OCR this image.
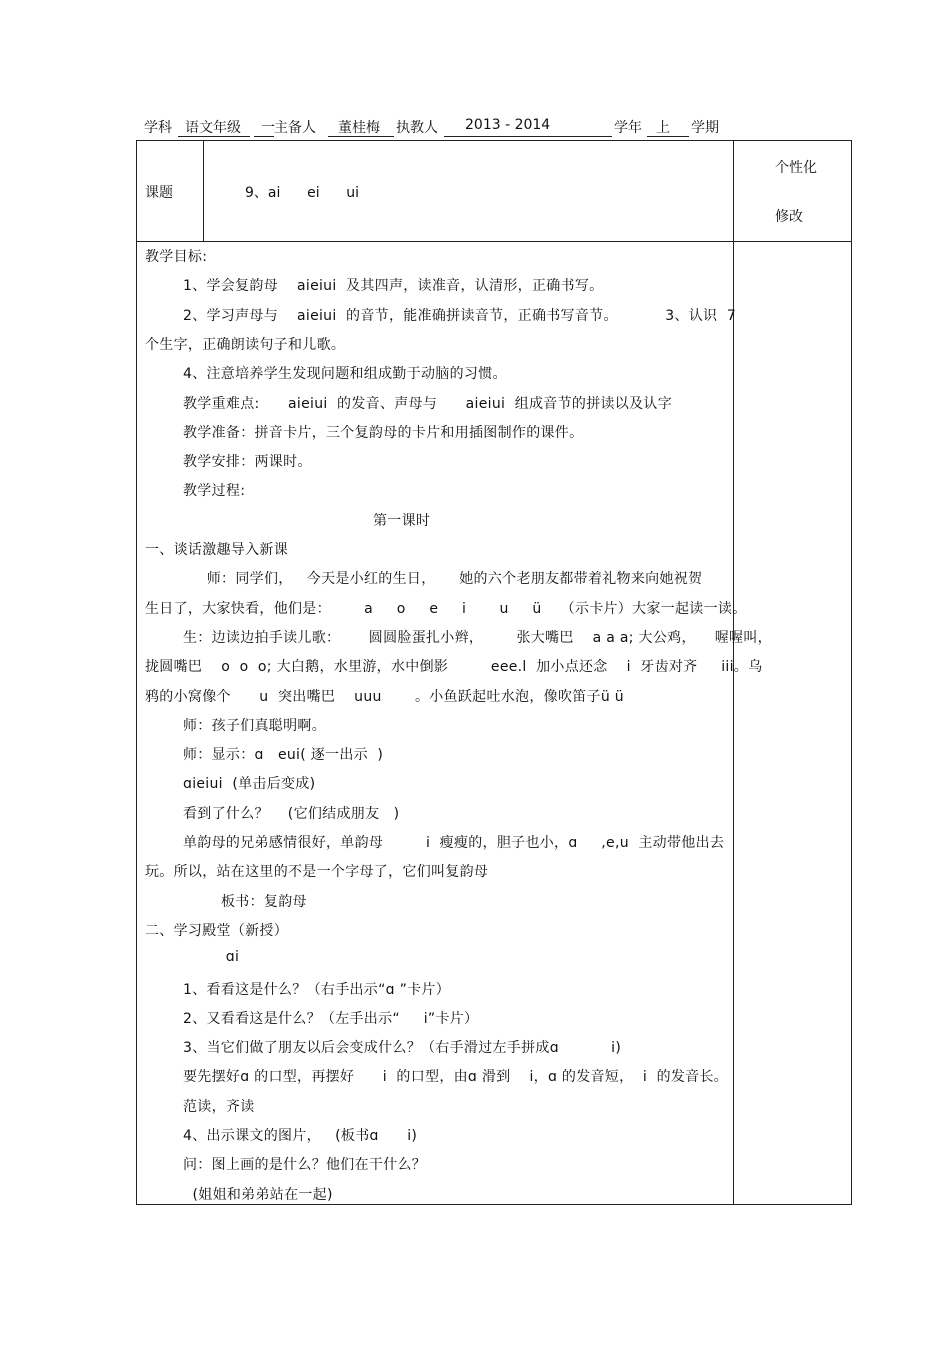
学科 语文年级 一 主备人 董桂梅 执教人 2013 - 2014	学年 上 学期
课题	9、ai      ei      ui
个性化
修改
教学目标:
1、学会复韵母    aieiui  及其四声，读准音，认清形，正确书写。
2、学习声母与    aieiui  的音节，能准确拼读音节，正确书写音节。          3、认识  7
个生字，正确朗读句子和儿歌。
4、注意培养学生发现问题和组成勤于动脑的习惯。
教学重难点:      aieiui  的发音、声母与      aieiui  组成音节的拼读以及认字
教学准备：拼音卡片，三个复韵母的卡片和用插图制作的课件。
教学安排：两课时。
教学过程:
第一课时
一、谈话激趣导入新课
师：同学们，   今天是小红的生日，     她的六个老朋友都带着礼物来向她祝贺
生日了，大家快看，他们是：       a     o     e     i       u     ü    （示卡片）大家一起读一读。
生：边读边拍手读儿歌：      圆圆脸蛋扎小辫，       张大嘴巴    a a a; 大公鸡，    喔喔叫，
拢圆嘴巴    o  o  o; 大白鹅，水里游，水中倒影         eee.l  加小点还念    i  牙齿对齐     iii。乌
鸦的小窝像个      u  突出嘴巴    uuu       。小鱼跃起吐水泡，像吹笛子ü ü
师：孩子们真聪明啊。
师：显示：ɑ   eui( 逐一出示  )
ɑieiui  (单击后变成)
看到了什么？    (它们结成朋友   )
单韵母的兄弟感情很好，单韵母         i  瘦瘦的，胆子也小，ɑ     ,e,u  主动带他出去
玩。所以，站在这里的不是一个字母了，它们叫复韵母
板书：复韵母
二、学习殿堂（新授）
ɑi
1、看看这是什么？（右手出示“ɑ ”卡片）
2、又看看这是什么？（左手出示“     i”卡片）
3、当它们做了朋友以后会变成什么？（右手滑过左手拼成ɑ           i)
要先摆好ɑ 的口型，再摆好      i  的口型，由ɑ 滑到    i，ɑ 的发音短，  i  的发音长。
范读，齐读
4、出示课文的图片，   (板书ɑ      i)
问：图上画的是什么？他们在干什么？
(姐姐和弟弟站在一起)
